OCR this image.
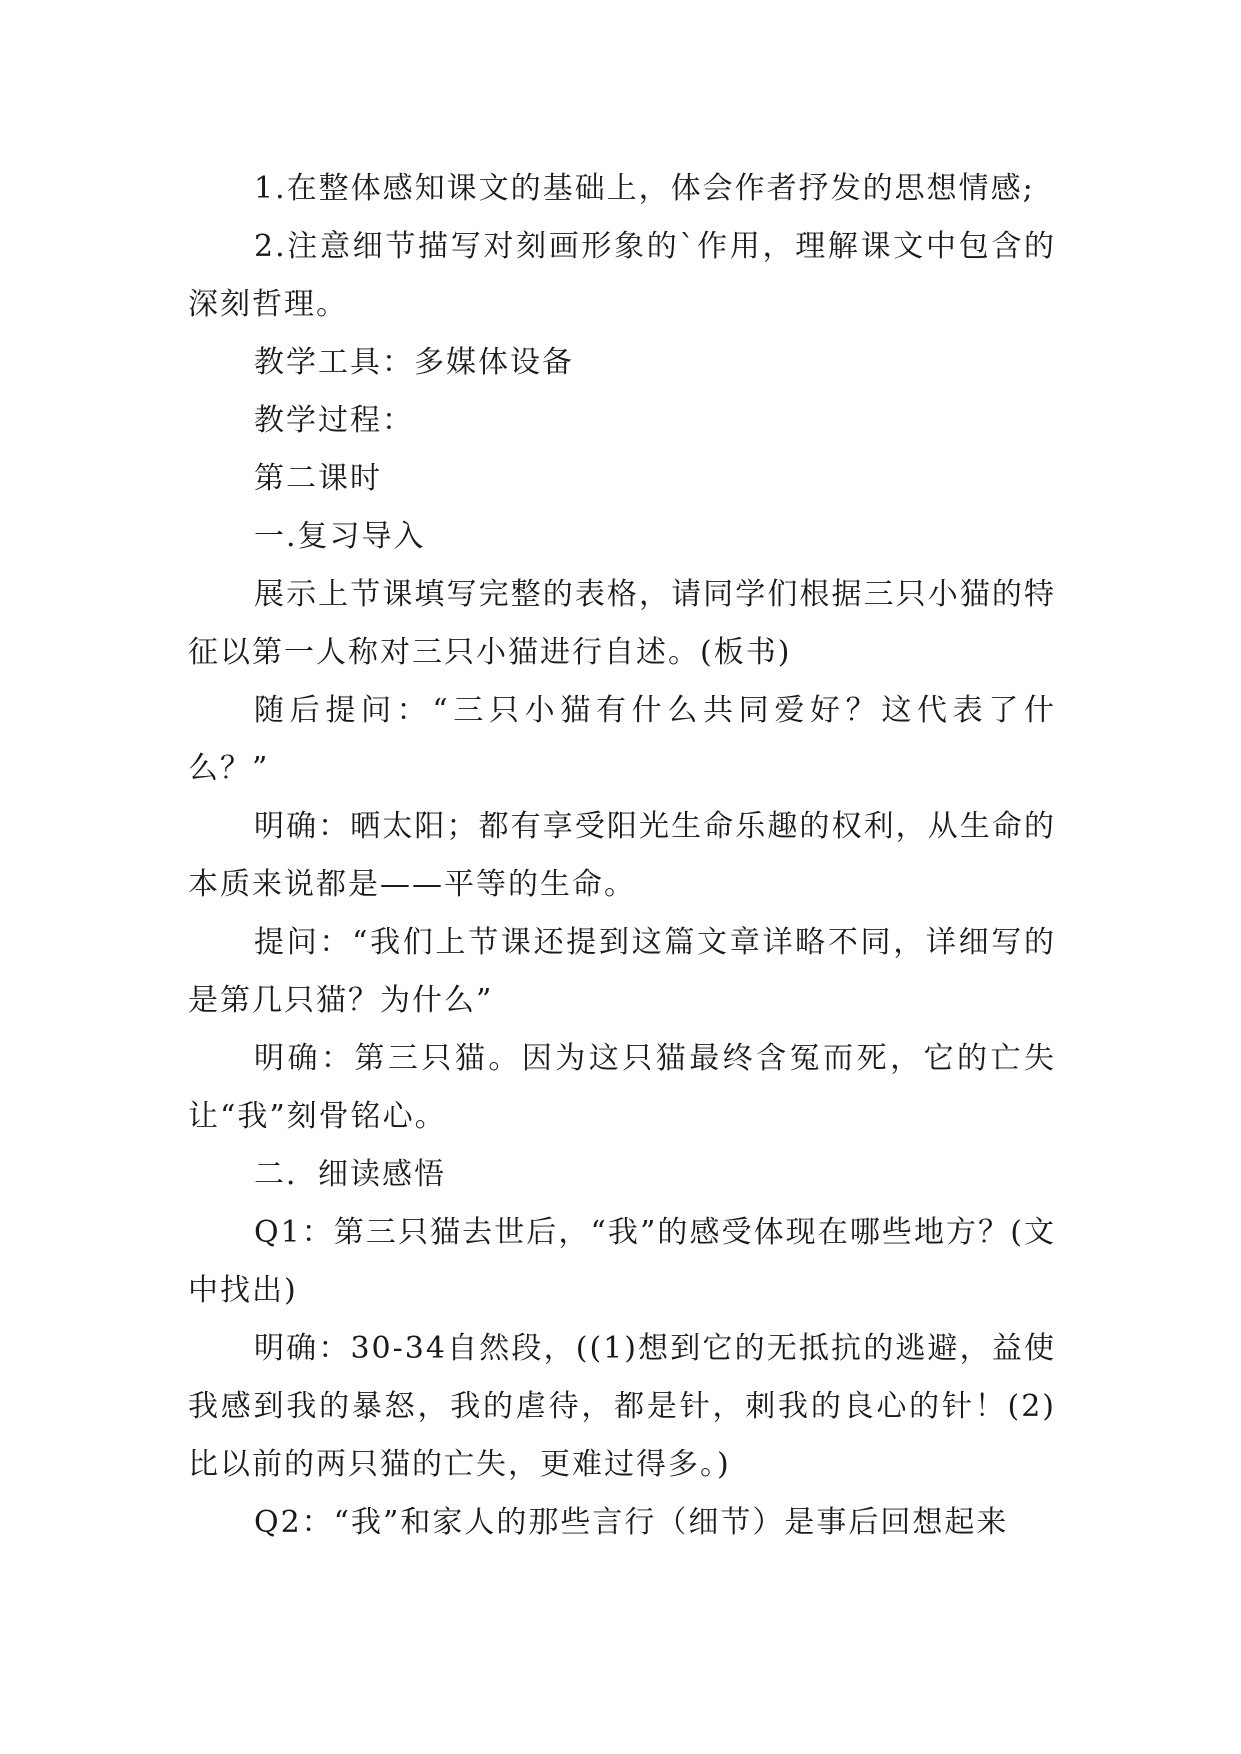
1.在整体感知课文的基础上，体会作者抒发的思想情感;

2.注意细节描写对刻画形象的`作用，理解课文中包含的深刻哲理。

教学工具：多媒体设备

教学过程：

第二课时

一.复习导入

展示上节课填写完整的表格，请同学们根据三只小猫的特征以第一人称对三只小猫进行自述。(板书)

随后提问：“三只小猫有什么共同爱好？这代表了什么？”

明确：晒太阳；都有享受阳光生命乐趣的权利，从生命的本质来说都是——平等的生命。

提问：“我们上节课还提到这篇文章详略不同，详细写的是第几只猫？为什么”

明确：第三只猫。因为这只猫最终含冤而死，它的亡失让“我”刻骨铭心。

二．细读感悟

Q1：第三只猫去世后，“我”的感受体现在哪些地方？(文中找出)

明确：30-34自然段，((1)想到它的无抵抗的逃避，益使我感到我的暴怒，我的虐待，都是针，刺我的良心的针！(2)比以前的两只猫的亡失，更难过得多。)

Q2：“我”和家人的那些言行（细节）是事后回想起来
